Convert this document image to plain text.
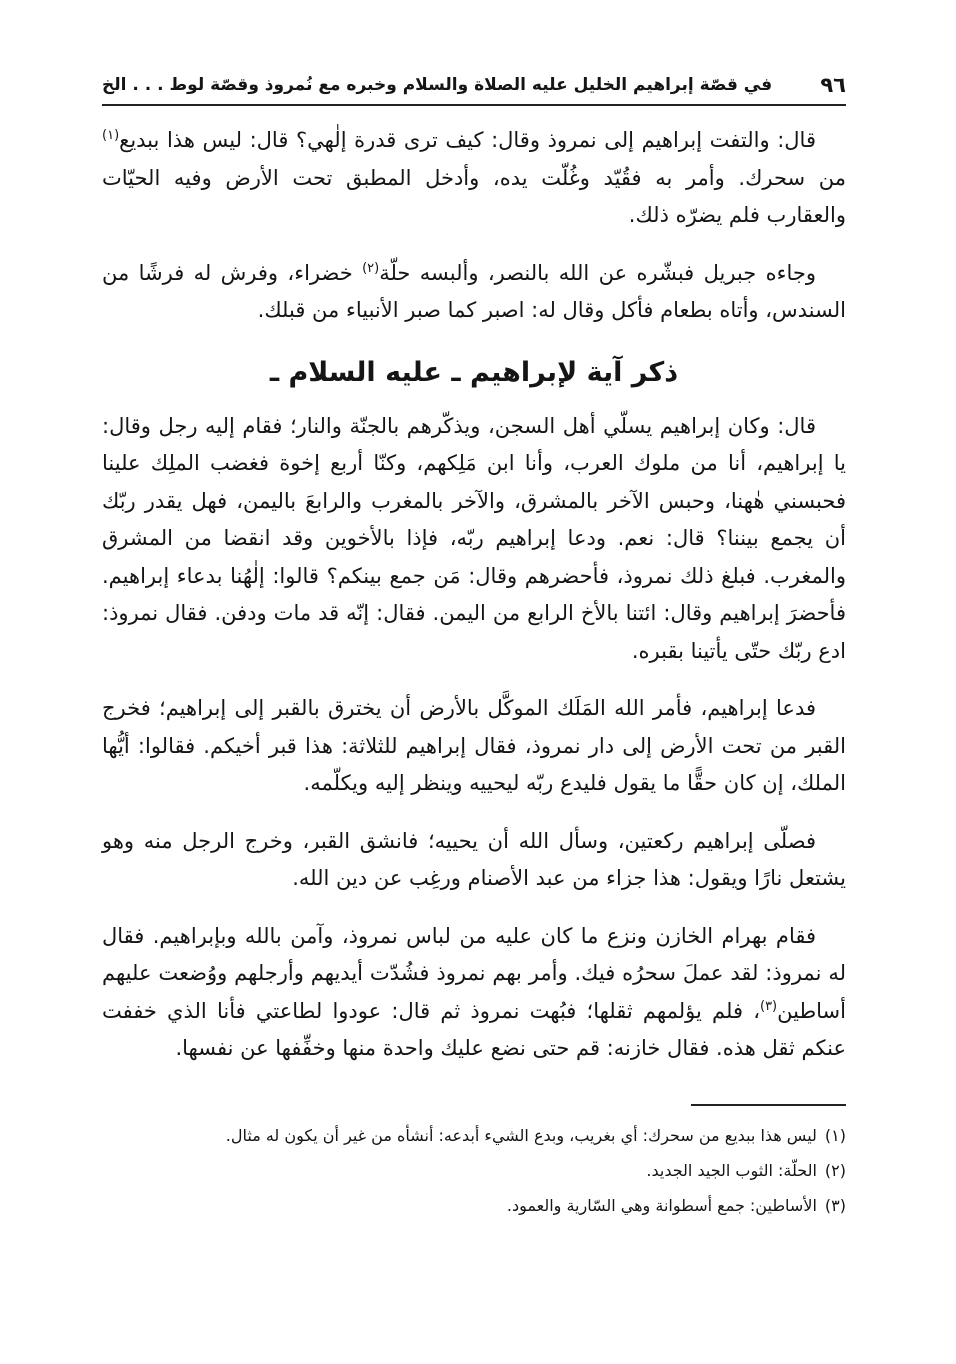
٩٦
في قصّة إبراهيم الخليل عليه الصلاة والسلام وخبره مع نُمروذ وقصّة لوط . . . الخ

قال: والتفت إبراهيم إلى نمروذ وقال: كيف ترى قدرة إلٰهي؟ قال: ليس هذا ببديع$^{(١)}$ من سحرك. وأمر به فقُيّد وغُلّت يده، وأدخل المطبق تحت الأرض وفيه الحيّات والعقارب فلم يضرّه ذلك.

وجاءه جبريل فبشّره عن الله بالنصر، وألبسه حلّة$^{(٢)}$ خضراء، وفرش له فرشًا من السندس، وأتاه بطعام فأكل وقال له: اصبر كما صبر الأنبياء من قبلك.

ذكر آية لإبراهيم ـ عليه السلام ـ

قال: وكان إبراهيم يسلّي أهل السجن، ويذكّرهم بالجنّة والنار؛ فقام إليه رجل وقال: يا إبراهيم، أنا من ملوك العرب، وأنا ابن مَلِكهم، وكنّا أربع إخوة فغضب الملِك علينا فحبسني هٰهنا، وحبس الآخر بالمشرق، والآخر بالمغرب والرابعَ باليمن، فهل يقدر ربّك أن يجمع بيننا؟ قال: نعم. ودعا إبراهيم ربّه، فإذا بالأخوين وقد انقضا من المشرق والمغرب. فبلغ ذلك نمروذ، فأحضرهم وقال: مَن جمع بينكم؟ قالوا: إلٰهُنا بدعاء إبراهيم. فأحضرَ إبراهيم وقال: ائتنا بالأخ الرابع من اليمن. فقال: إنّه قد مات ودفن. فقال نمروذ: ادع ربّك حتّى يأتينا بقبره.

فدعا إبراهيم، فأمر الله المَلَك الموكَّل بالأرض أن يخترق بالقبر إلى إبراهيم؛ فخرج القبر من تحت الأرض إلى دار نمروذ، فقال إبراهيم للثلاثة: هذا قبر أخيكم. فقالوا: أيُّها الملك، إن كان حقًّا ما يقول فليدع ربّه ليحييه وينظر إليه ويكلّمه.

فصلّى إبراهيم ركعتين، وسأل الله أن يحييه؛ فانشق القبر، وخرج الرجل منه وهو يشتعل نارًا ويقول: هذا جزاء من عبد الأصنام ورغِب عن دين الله.

فقام بهرام الخازن ونزع ما كان عليه من لباس نمروذ، وآمن بالله وبإبراهيم. فقال له نمروذ: لقد عملَ سحرُه فيك. وأمر بهم نمروذ فشُدّت أيديهم وأرجلهم ووُضعت عليهم أساطين$^{(٣)}$، فلم يؤلمهم ثقلها؛ فبُهت نمروذ ثم قال: عودوا لطاعتي فأنا الذي خففت عنكم ثقل هذه. فقال خازنه: قم حتى نضع عليك واحدة منها وخفِّفها عن نفسها.

(١)ليس هذا ببديع من سحرك: أي بغريب، وبدع الشيء أبدعه: أنشأه من غير أن يكون له مثال.
(٢)الحلّة: الثوب الجيد الجديد.
(٣)الأساطين: جمع أسطوانة وهي السّارية والعمود.
